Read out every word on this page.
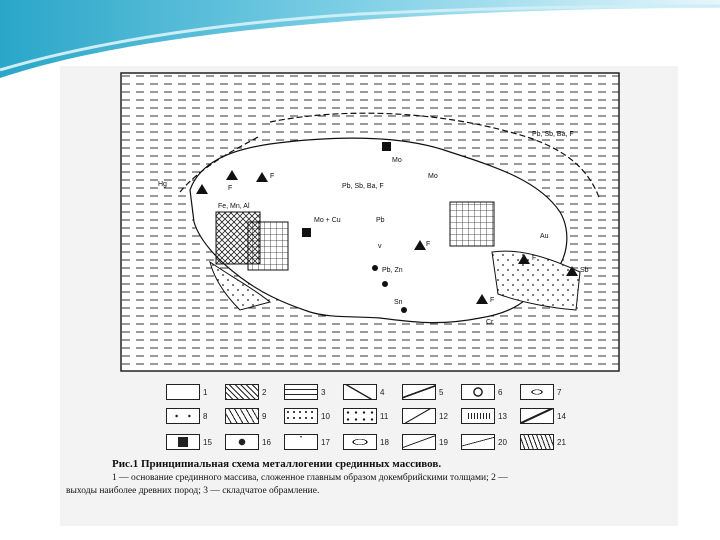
Pb, Sb, Ba, F
Mo
Hg
F
F
Pb, Sb, Ba, F
Mo
Fe, Mn, Al
Mo + Cu	Pb
v
Pb, Zn
F
Au
F
Sb
Sn	F
Cr
1	2	3	4	5	6	7
8	9	10	11	12	13	14
15	16	17	18	19	20	21
Рис.1 Принципиальная схема металлогении срединных массивов.
1 — основание срединного массива, сложенное главным образом докембрийскими толщами; 2 —
выходы наиболее древних пород; 3 — складчатое обрамление.
